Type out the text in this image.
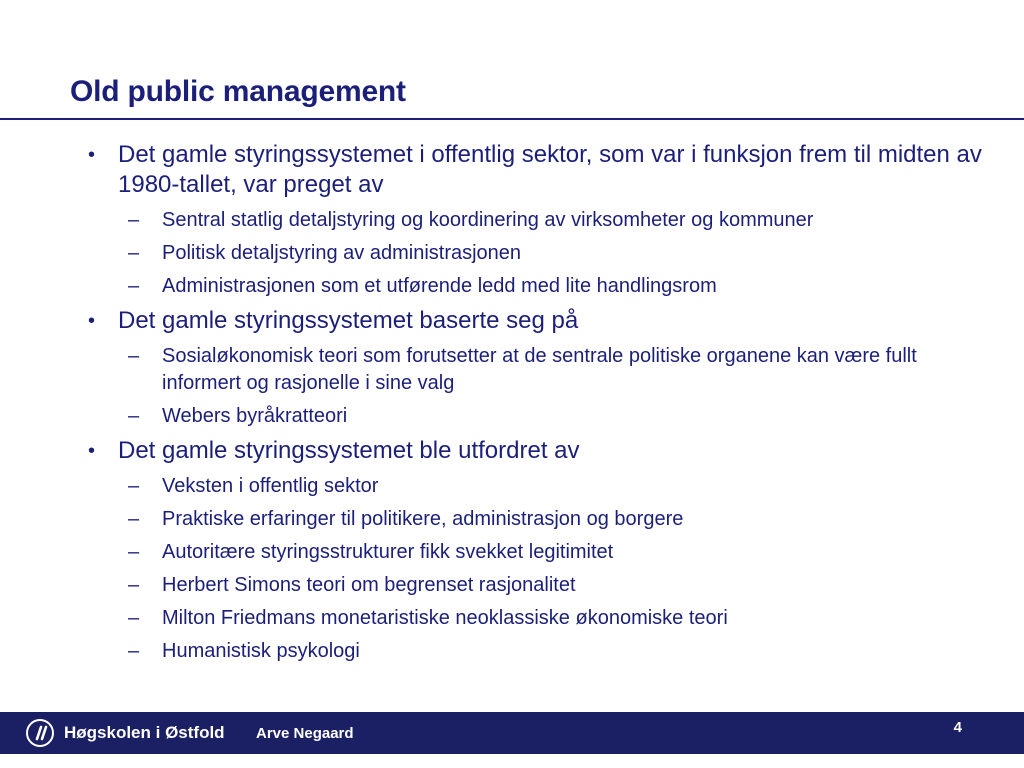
Old public management
• Det gamle styringssystemet i offentlig sektor, som var i funksjon frem til midten av 1980-tallet, var preget av
– Sentral statlig detaljstyring og koordinering av virksomheter og kommuner
– Politisk detaljstyring av administrasjonen
– Administrasjonen som et utførende ledd med lite handlingsrom
• Det gamle styringssystemet baserte seg på
– Sosialøkonomisk teori som forutsetter at de sentrale politiske organene kan være fullt informert og rasjonelle i sine valg
– Webers byråkratteori
• Det gamle styringssystemet ble utfordret av
– Veksten i offentlig sektor
– Praktiske erfaringer til politikere, administrasjon og borgere
– Autoritære styringsstrukturer fikk svekket legitimitet
– Herbert Simons teori om begrenset rasjonalitet
– Milton Friedmans monetaristiske neoklassiske økonomiske teori
– Humanistisk psykologi
Høgskolen i Østfold Arve Negaard	4
